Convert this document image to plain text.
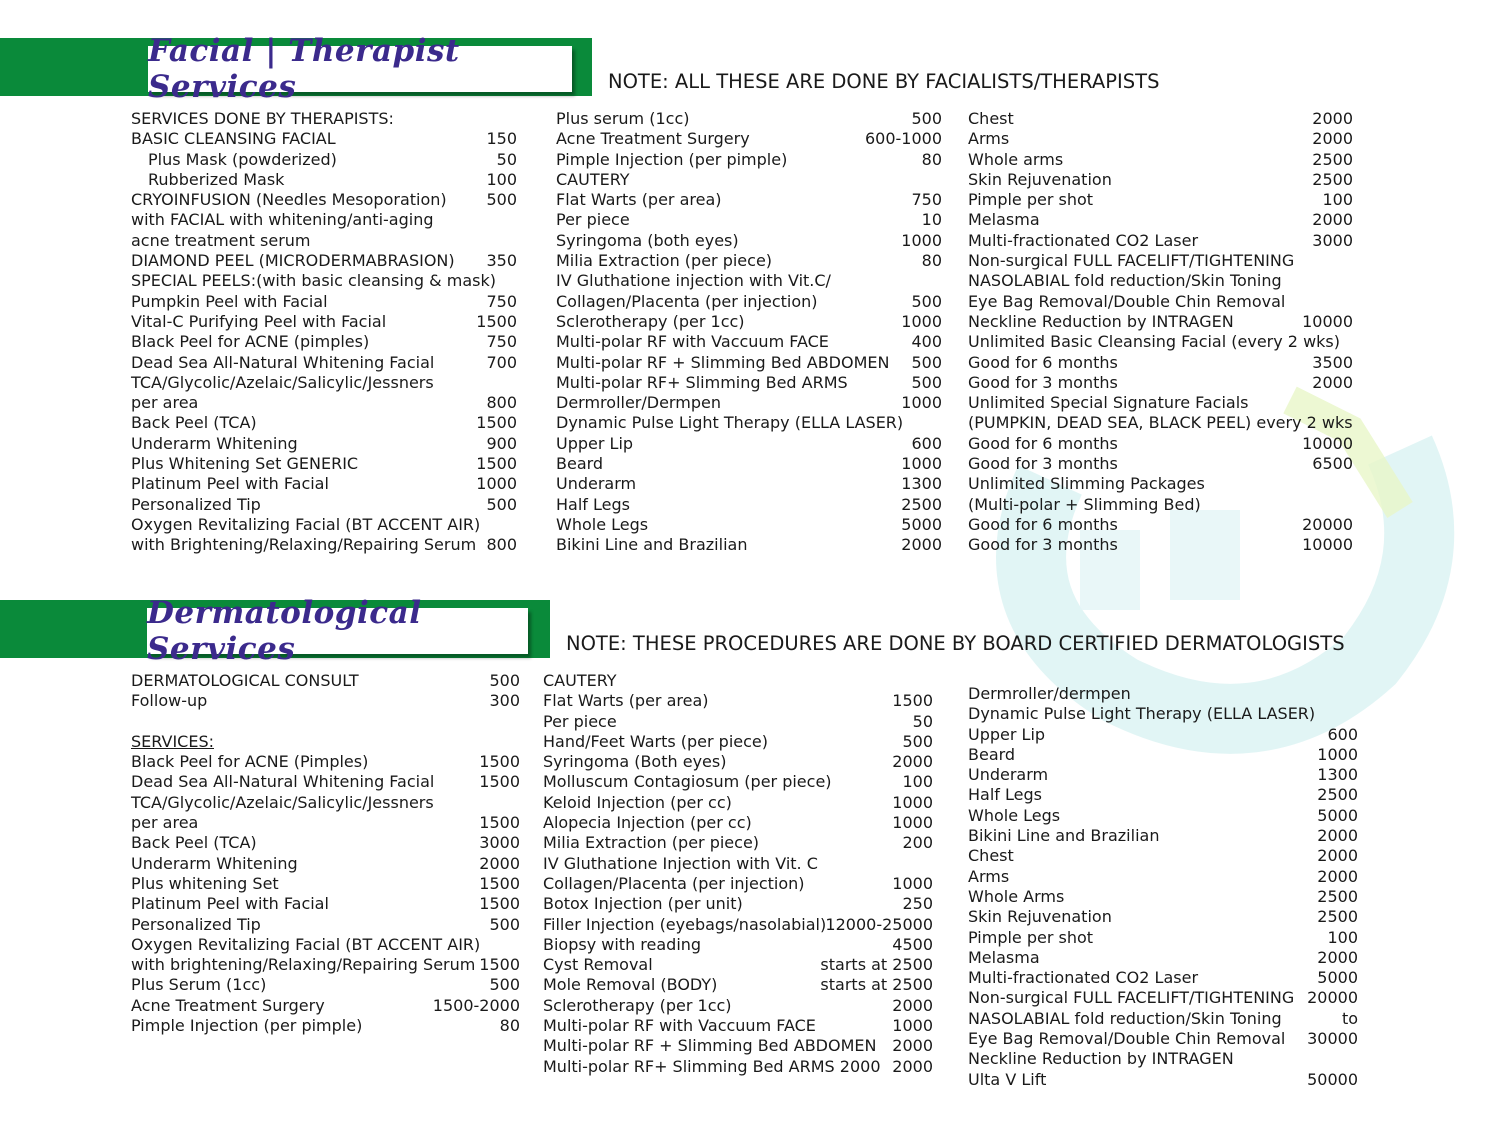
Facial | Therapist Services	NOTE: ALL THESE ARE DONE BY FACIALISTS/THERAPISTS
SERVICES DONE BY THERAPISTS:
BASIC CLEANSING FACIAL	150
Plus Mask (powderized)	50
Rubberized Mask	100
CRYOINFUSION (Needles Mesoporation) 500
with FACIAL with whitening/anti-aging
acne treatment serum
DIAMOND PEEL (MICRODERMABRASION) 350
SPECIAL PEELS:(with basic cleansing & mask)
Pumpkin Peel with Facial	750
Vital-C Purifying Peel with Facial	1500
Black Peel for ACNE (pimples)	750
Dead Sea All-Natural Whitening Facial	700
TCA/Glycolic/Azelaic/Salicylic/Jessners
per area	800
Back Peel (TCA)	1500
Underarm Whitening	900
Plus Whitening Set GENERIC	1500
Platinum Peel with Facial	1000
Personalized Tip	500
Oxygen Revitalizing Facial (BT ACCENT AIR)
with Brightening/Relaxing/Repairing Serum 800
Plus serum (1cc)	500
Acne Treatment Surgery	600-1000
Pimple Injection (per pimple)	80
CAUTERY
Flat Warts (per area)	750
Per piece	10
Syringoma (both eyes)	1000
Milia Extraction (per piece)	80
IV Gluthatione injection with Vit.C/
Collagen/Placenta (per injection)	500
Sclerotherapy (per 1cc)	1000
Multi-polar RF with Vaccuum FACE	400
Multi-polar RF + Slimming Bed ABDOMEN 500
Multi-polar RF+ Slimming Bed ARMS	500
Dermroller/Dermpen	1000
Dynamic Pulse Light Therapy (ELLA LASER)
Upper Lip	600
Beard	1000
Underarm	1300
Half Legs	2500
Whole Legs	5000
Bikini Line and Brazilian	2000
Chest	2000
Arms	2000
Whole arms	2500
Skin Rejuvenation	2500
Pimple per shot	100
Melasma	2000
Multi-fractionated CO2 Laser	3000
Non-surgical FULL FACELIFT/TIGHTENING
NASOLABIAL fold reduction/Skin Toning
Eye Bag Removal/Double Chin Removal
Neckline Reduction by INTRAGEN	10000
Unlimited Basic Cleansing Facial (every 2 wks)
Good for 6 months	3500
Good for 3 months	2000
Unlimited Special Signature Facials
(PUMPKIN, DEAD SEA, BLACK PEEL) every 2 wks
Good for 6 months	10000
Good for 3 months	6500
Unlimited Slimming Packages
(Multi-polar + Slimming Bed)
Good for 6 months	20000
Good for 3 months	10000
Dermatological Services	NOTE: THESE PROCEDURES ARE DONE BY BOARD CERTIFIED DERMATOLOGISTS
DERMATOLOGICAL CONSULT	500
Follow-up	300
SERVICES:
Black Peel for ACNE (Pimples)	1500
Dead Sea All-Natural Whitening Facial	1500
TCA/Glycolic/Azelaic/Salicylic/Jessners
per area	1500
Back Peel (TCA)	3000
Underarm Whitening	2000
Plus whitening Set	1500
Platinum Peel with Facial	1500
Personalized Tip	500
Oxygen Revitalizing Facial (BT ACCENT AIR)
with brightening/Relaxing/Repairing Serum 1500
Plus Serum (1cc)	500
Acne Treatment Surgery	1500-2000
Pimple Injection (per pimple)	80
CAUTERY
Flat Warts (per area)	1500
Per piece	50
Hand/Feet Warts (per piece)	500
Syringoma (Both eyes)	2000
Molluscum Contagiosum (per piece)	100
Keloid Injection (per cc)	1000
Alopecia Injection (per cc)	1000
Milia Extraction (per piece)	200
IV Gluthatione Injection with Vit. C
Collagen/Placenta (per injection)	1000
Botox Injection (per unit)	250
Filler Injection (eyebags/nasolabial) 12000-25000
Biopsy with reading	4500
Cyst Removal	starts at 2500
Mole Removal (BODY)	starts at 2500
Sclerotherapy (per 1cc)	2000
Multi-polar RF with Vaccuum FACE	1000
Multi-polar RF + Slimming Bed ABDOMEN 2000
Multi-polar RF+ Slimming Bed ARMS 2000 2000
Dermroller/dermpen
Dynamic Pulse Light Therapy (ELLA LASER)
Upper Lip	600
Beard	1000
Underarm	1300
Half Legs	2500
Whole Legs	5000
Bikini Line and Brazilian	2000
Chest	2000
Arms	2000
Whole Arms	2500
Skin Rejuvenation	2500
Pimple per shot	100
Melasma	2000
Multi-fractionated CO2 Laser	5000
Non-surgical FULL FACELIFT/TIGHTENING 20000
NASOLABIAL fold reduction/Skin Toning	to
Eye Bag Removal/Double Chin Removal 30000
Neckline Reduction by INTRAGEN
Ulta V Lift	50000
